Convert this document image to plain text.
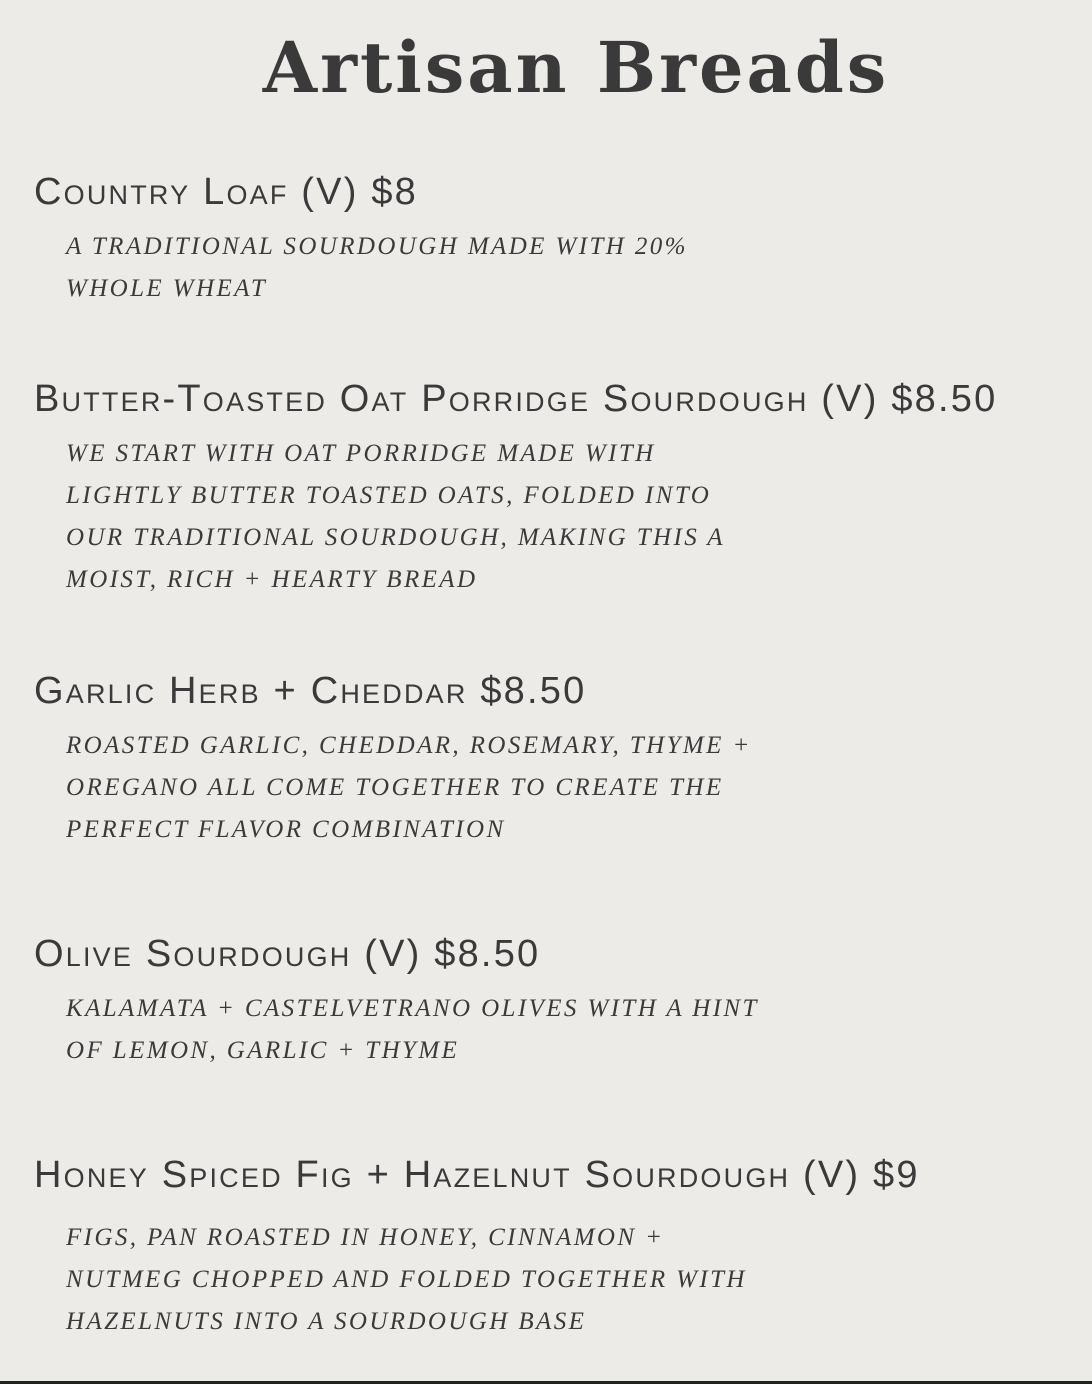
Artisan Breads
Country Loaf (V) $8
A TRADITIONAL SOURDOUGH MADE WITH 20%
WHOLE WHEAT
Butter-Toasted Oat Porridge Sourdough (V) $8.50
WE START WITH OAT PORRIDGE MADE WITH
LIGHTLY BUTTER TOASTED OATS, FOLDED INTO
OUR TRADITIONAL SOURDOUGH, MAKING THIS A
MOIST, RICH + HEARTY BREAD
Garlic Herb + Cheddar $8.50
ROASTED GARLIC, CHEDDAR, ROSEMARY, THYME +
OREGANO ALL COME TOGETHER TO CREATE THE
PERFECT FLAVOR COMBINATION
Olive Sourdough (V) $8.50
KALAMATA + CASTELVETRANO OLIVES WITH A HINT
OF LEMON, GARLIC + THYME
Honey Spiced Fig + Hazelnut Sourdough (V) $9
FIGS, PAN ROASTED IN HONEY, CINNAMON +
NUTMEG CHOPPED AND FOLDED TOGETHER WITH
HAZELNUTS INTO A SOURDOUGH BASE
